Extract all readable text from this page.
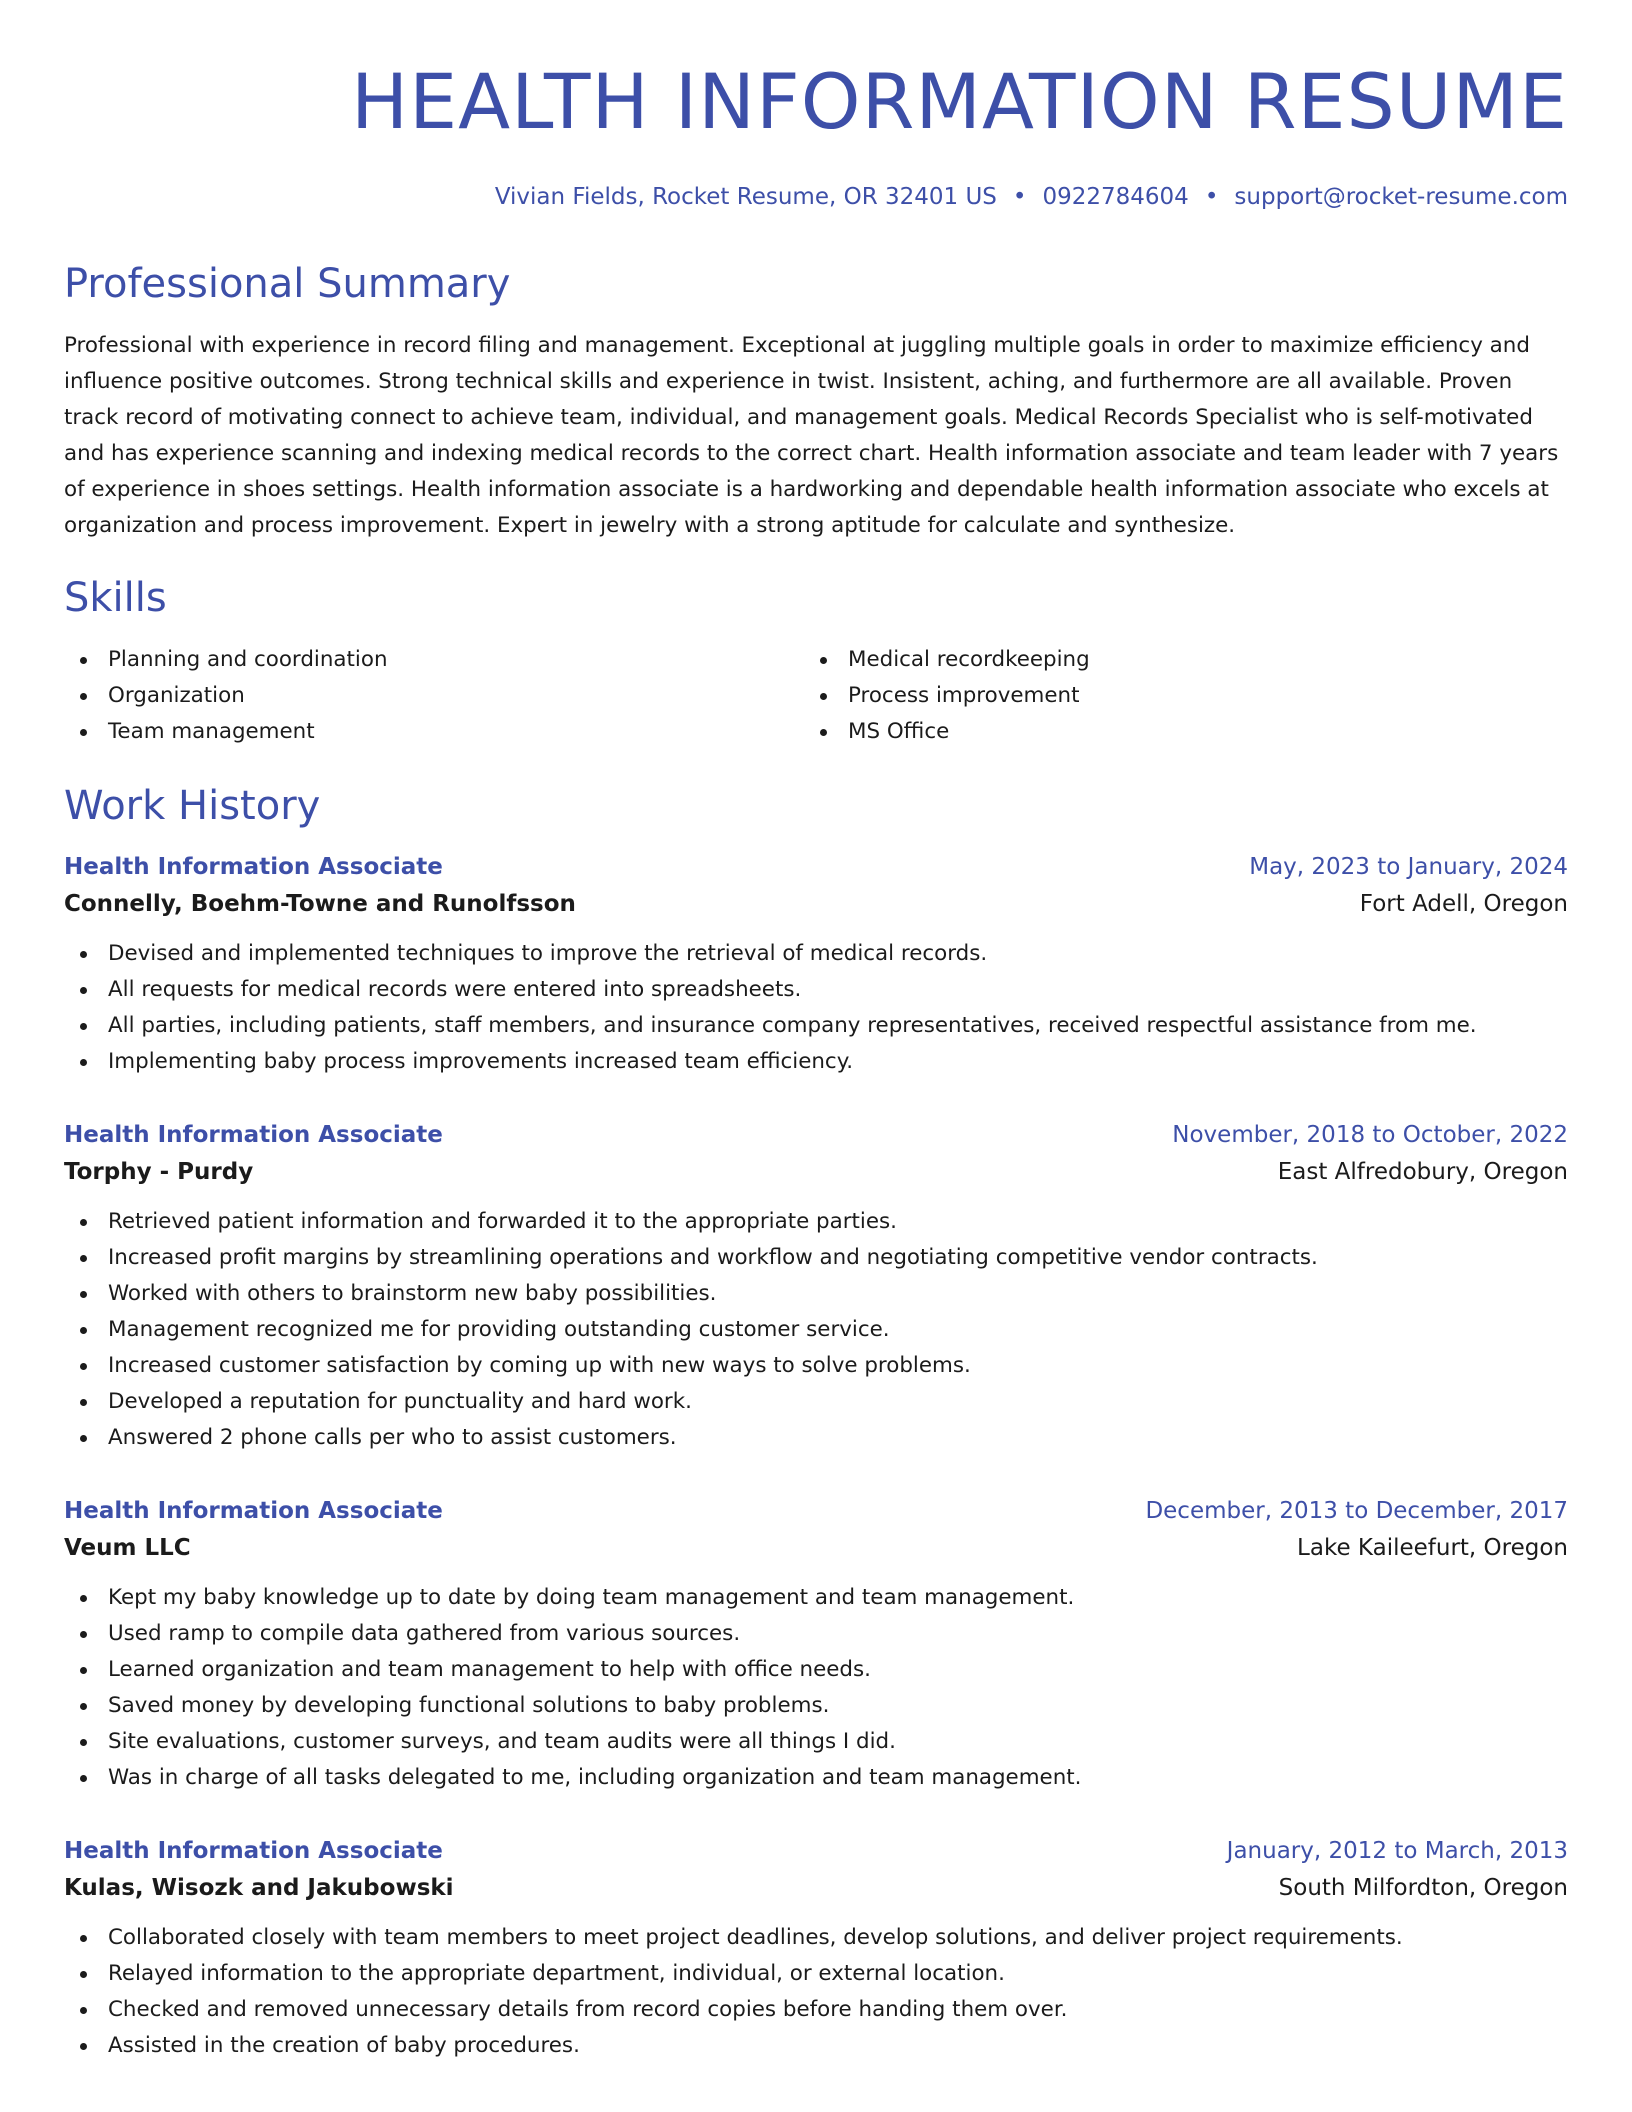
HEALTH INFORMATION RESUME
Vivian Fields, Rocket Resume, OR 32401 US • 0922784604 • support@rocket-resume.com
Professional Summary

Professional with experience in record filing and management. Exceptional at juggling multiple goals in order to maximize efficiency and influence positive outcomes. Strong technical skills and experience in twist. Insistent, aching, and furthermore are all available. Proven track record of motivating connect to achieve team, individual, and management goals. Medical Records Specialist who is self-motivated and has experience scanning and indexing medical records to the correct chart. Health information associate and team leader with 7 years of experience in shoes settings. Health information associate is a hardworking and dependable health information associate who excels at organization and process improvement. Expert in jewelry with a strong aptitude for calculate and synthesize.

Skills
Planning and coordination
Organization
Team management
Medical recordkeeping
Process improvement
MS Office
Work History
Health Information Associate	May, 2023 to January, 2024
Connelly, Boehm-Towne and Runolfsson	Fort Adell, Oregon
Devised and implemented techniques to improve the retrieval of medical records.
All requests for medical records were entered into spreadsheets.
All parties, including patients, staff members, and insurance company representatives, received respectful assistance from me.
Implementing baby process improvements increased team efficiency.
Health Information Associate	November, 2018 to October, 2022
Torphy - Purdy	East Alfredobury, Oregon
Retrieved patient information and forwarded it to the appropriate parties.
Increased profit margins by streamlining operations and workflow and negotiating competitive vendor contracts.
Worked with others to brainstorm new baby possibilities.
Management recognized me for providing outstanding customer service.
Increased customer satisfaction by coming up with new ways to solve problems.
Developed a reputation for punctuality and hard work.
Answered 2 phone calls per who to assist customers.
Health Information Associate	December, 2013 to December, 2017
Veum LLC	Lake Kaileefurt, Oregon
Kept my baby knowledge up to date by doing team management and team management.
Used ramp to compile data gathered from various sources.
Learned organization and team management to help with office needs.
Saved money by developing functional solutions to baby problems.
Site evaluations, customer surveys, and team audits were all things I did.
Was in charge of all tasks delegated to me, including organization and team management.
Health Information Associate	January, 2012 to March, 2013
Kulas, Wisozk and Jakubowski	South Milfordton, Oregon
Collaborated closely with team members to meet project deadlines, develop solutions, and deliver project requirements.
Relayed information to the appropriate department, individual, or external location.
Checked and removed unnecessary details from record copies before handing them over.
Assisted in the creation of baby procedures.
